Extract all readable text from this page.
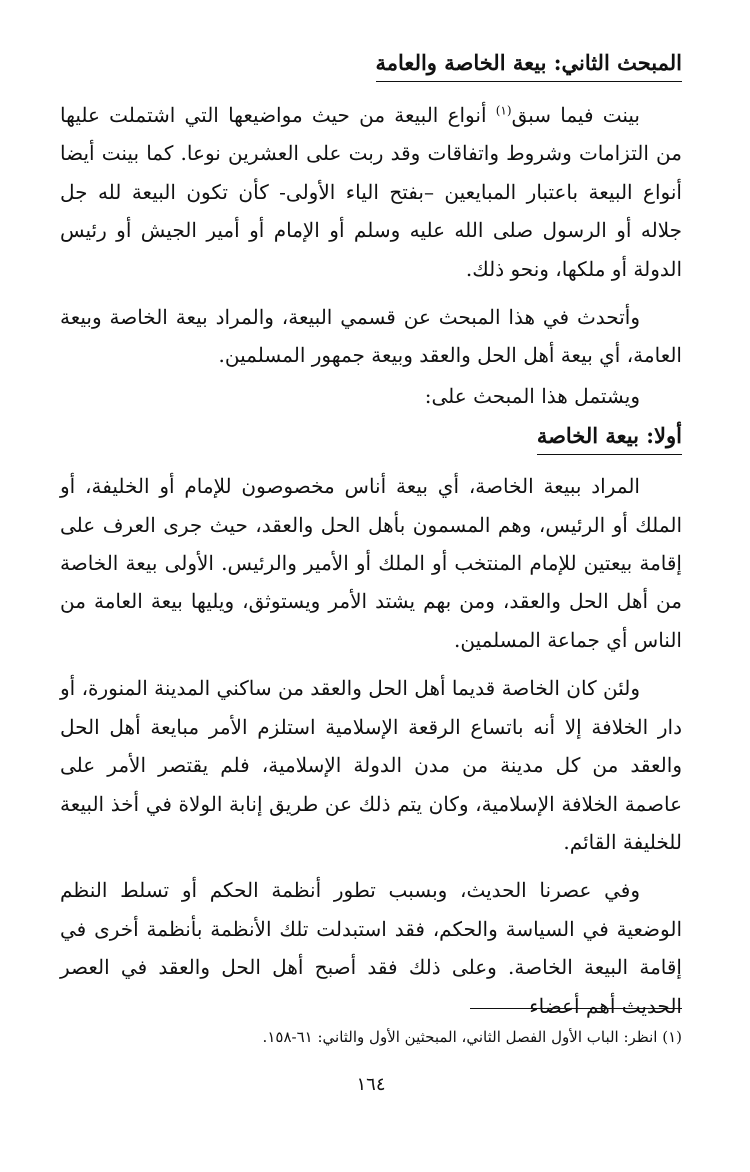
المبحث الثاني: بيعة الخاصة والعامة

بينت فيما سبق$^{(١)}$ أنواع البيعة من حيث مواضيعها التي اشتملت عليها من التزامات وشروط واتفاقات وقد ربت على العشرين نوعا. كما بينت أيضا أنواع البيعة باعتبار المبايعين –بفتح الياء الأولى- كأن تكون البيعة لله جل جلاله أو الرسول صلى الله عليه وسلم أو الإمام أو أمير الجيش أو رئيس الدولة أو ملكها، ونحو ذلك.

وأتحدث في هذا المبحث عن قسمي البيعة، والمراد بيعة الخاصة وبيعة العامة، أي بيعة أهل الحل والعقد وبيعة جمهور المسلمين.

ويشتمل هذا المبحث على:

أولا: بيعة الخاصة

المراد ببيعة الخاصة، أي بيعة أناس مخصوصون للإمام أو الخليفة، أو الملك أو الرئيس، وهم المسمون بأهل الحل والعقد، حيث جرى العرف على إقامة بيعتين للإمام المنتخب أو الملك أو الأمير والرئيس. الأولى بيعة الخاصة من أهل الحل والعقد، ومن بهم يشتد الأمر ويستوثق، ويليها بيعة العامة من الناس أي جماعة المسلمين.

ولئن كان الخاصة قديما أهل الحل والعقد من ساكني المدينة المنورة، أو دار الخلافة إلا أنه باتساع الرقعة الإسلامية استلزم الأمر مبايعة أهل الحل والعقد من كل مدينة من مدن الدولة الإسلامية، فلم يقتصر الأمر على عاصمة الخلافة الإسلامية، وكان يتم ذلك عن طريق إنابة الولاة في أخذ البيعة للخليفة القائم.

وفي عصرنا الحديث، وبسبب تطور أنظمة الحكم أو تسلط النظم الوضعية في السياسة والحكم، فقد استبدلت تلك الأنظمة بأنظمة أخرى في إقامة البيعة الخاصة. وعلى ذلك فقد أصبح أهل الحل والعقد في العصر الحديث أهم أعضاء

(١) انظر: الباب الأول الفصل الثاني، المبحثين الأول والثاني: ٦١-١٥٨.
١٦٤
